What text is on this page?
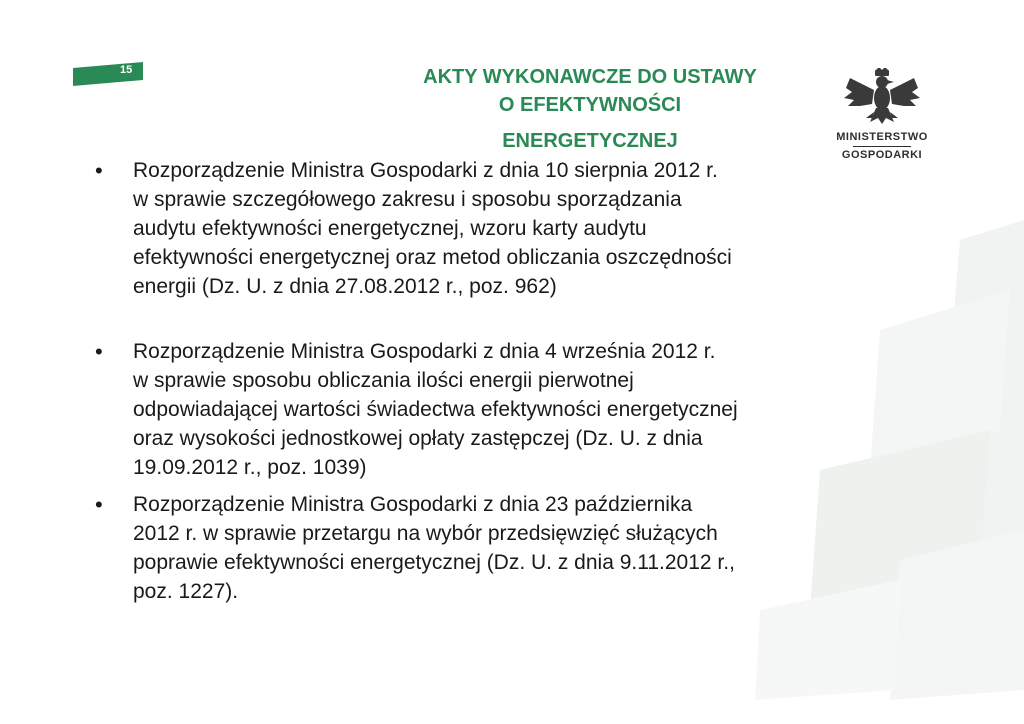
15	AKTY WYKONAWCZE DO USTAWY
O EFEKTYWNOŚCI
ENERGETYCZNEJ	MINISTERSTWO
GOSPODARKI
• Rozporządzenie Ministra Gospodarki z dnia 10 sierpnia 2012 r.
w sprawie szczegółowego zakresu i sposobu sporządzania
audytu efektywności energetycznej, wzoru karty audytu
efektywności energetycznej oraz metod obliczania oszczędności
energii (Dz. U. z dnia 27.08.2012 r., poz. 962)
• Rozporządzenie Ministra Gospodarki z dnia 4 września 2012 r.
w sprawie sposobu obliczania ilości energii pierwotnej
odpowiadającej wartości świadectwa efektywności energetycznej
oraz wysokości jednostkowej opłaty zastępczej (Dz. U. z dnia
19.09.2012 r., poz. 1039)
• Rozporządzenie Ministra Gospodarki z dnia 23 października
2012 r. w sprawie przetargu na wybór przedsięwzięć służących
poprawie efektywności energetycznej (Dz. U. z dnia 9.11.2012 r.,
poz. 1227).
